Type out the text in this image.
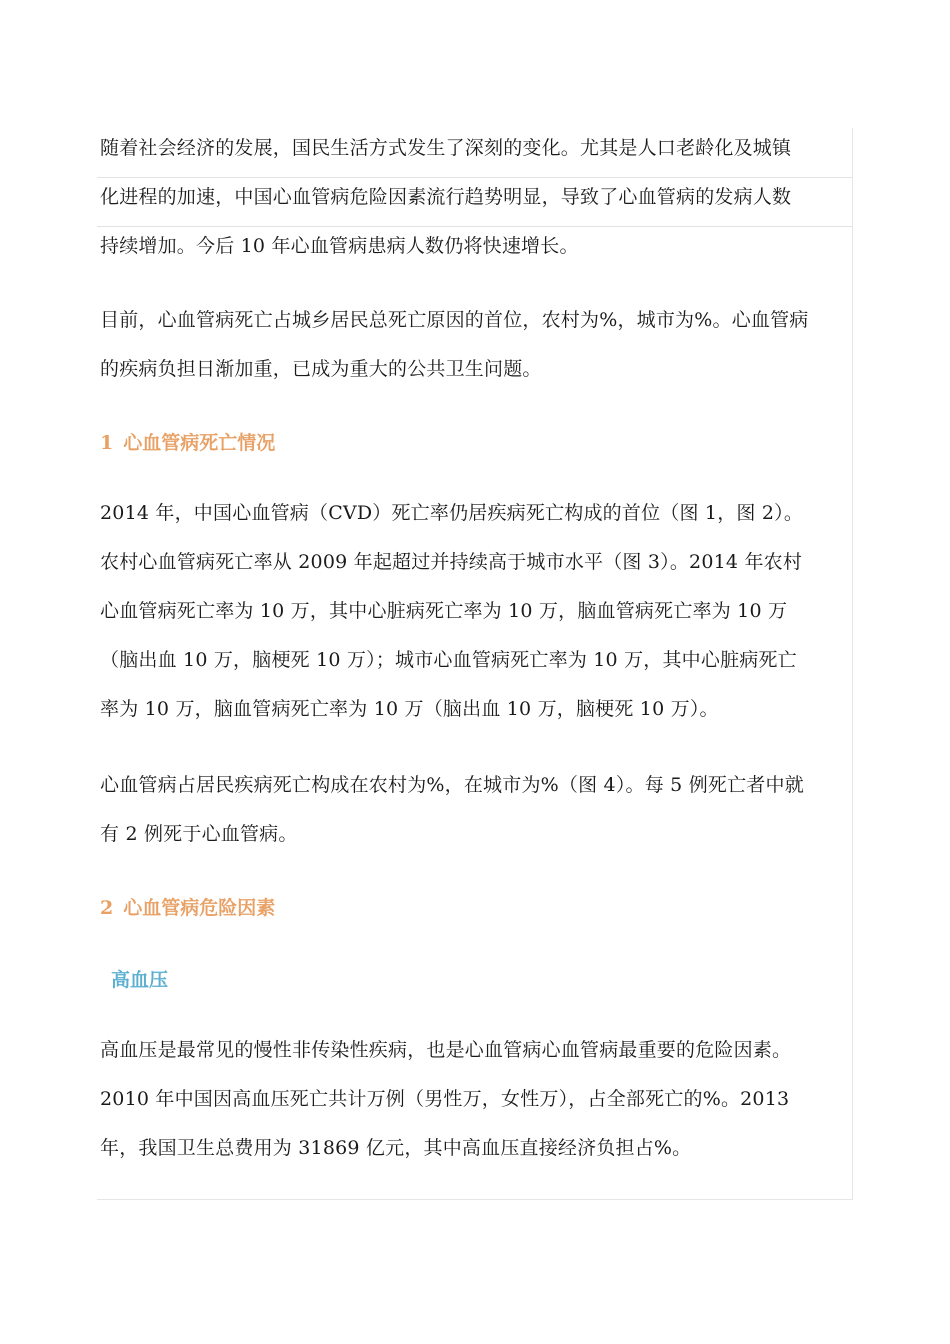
随着社会经济的发展，国民生活方式发生了深刻的变化。尤其是人口老龄化及城镇
化进程的加速，中国心血管病危险因素流行趋势明显，导致了心血管病的发病人数
持续增加。今后 10 年心血管病患病人数仍将快速增长。

目前，心血管病死亡占城乡居民总死亡原因的首位，农村为%，城市为%。心血管病
的疾病负担日渐加重，已成为重大的公共卫生问题。

1 心血管病死亡情况

2014 年，中国心血管病（CVD）死亡率仍居疾病死亡构成的首位（图 1，图 2）。
农村心血管病死亡率从 2009 年起超过并持续高于城市水平（图 3）。2014 年农村
心血管病死亡率为 10 万，其中心脏病死亡率为 10 万，脑血管病死亡率为 10 万
（脑出血 10 万，脑梗死 10 万）；城市心血管病死亡率为 10 万，其中心脏病死亡
率为 10 万，脑血管病死亡率为 10 万（脑出血 10 万，脑梗死 10 万）。

心血管病占居民疾病死亡构成在农村为%，在城市为%（图 4）。每 5 例死亡者中就
有 2 例死于心血管病。

2 心血管病危险因素
高血压

高血压是最常见的慢性非传染性疾病，也是心血管病心血管病最重要的危险因素。
2010 年中国因高血压死亡共计万例（男性万，女性万），占全部死亡的%。2013
年，我国卫生总费用为 31869 亿元，其中高血压直接经济负担占%。
